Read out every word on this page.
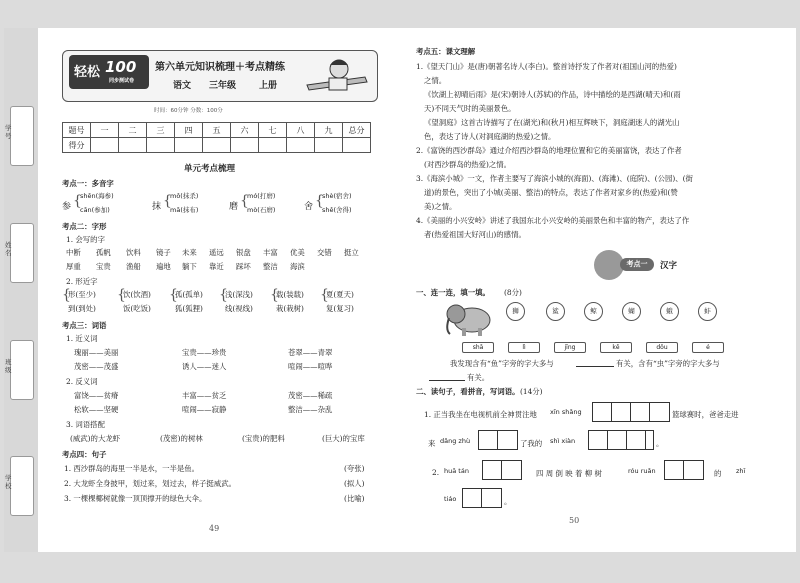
学号
姓名
班级
学校
轻松 100
同步测试卷
第六单元知识梳理＋考点精练
语文 三年级	上册
时间：60分钟 分数：100分
题号	一	二	三	四	五	六	七	八	九	总分
得分										
单元考点梳理
考点一：多音字
参 {
shēn(海参)
cān(参加)	抹 {
mǒ(抹杀)
mā(抹布)	磨 {
mó(打磨)
mò(石磨)	舍 {
shè(宿舍)
shě(舍得)
考点二：字形
1. 会写的字
中断 孤帆 饮料 镜子 未来 遥远 银盘 丰富 优美 交错 挺立
厚重 宝贵 渔船 遍地 躺下 靠近 踩坏 整洁 海滨
2. 形近字
{
形(至少)
到(到处)
{
饮(饮酒)
饭(吃饭)
{
孤(孤单)
狐(狐狸)
{
浅(深浅)
线(视线)
{
载(装载)
栽(栽树)
{
夏(夏天)
复(复习)
考点三：词语
1. 近义词
瑰丽——美丽	宝贵——珍贵	苍翠——青翠
茂密——茂盛	诱人——迷人	喧闹——喧哗
2. 反义词
富饶——贫瘠	丰富——贫乏	茂密——稀疏
松软——坚硬	喧闹——寂静	整洁——杂乱
3. 词语搭配
(威武)的大龙虾	(茂密)的树林	(宝贵)的肥料	(巨大)的宝库
考点四：句子
1. 西沙群岛的海里一半是水，一半是鱼。	(夸张)
2. 大龙虾全身披甲，划过来，划过去，样子挺威武。	(拟人)
3. 一棵棵椰树就像一顶顶撑开的绿色大伞。	(比喻)
49
考点五：课文理解
1.《望天门山》是(唐)朝著名诗人(李白)。整首诗抒发了作者对(祖国山河的热爱)
之情。
《饮湖上初晴后雨》是(宋)朝诗人(苏轼)的作品，诗中描绘的是西湖(晴天)和(雨
天)不同天气时的美丽景色。
《望洞庭》这首古诗描写了在(湖光)和(秋月)相互辉映下，洞庭湖迷人的湖光山
色，表达了诗人(对洞庭湖的热爱)之情。
2.《富饶的西沙群岛》通过介绍西沙群岛的地理位置和它的美丽富饶，表达了作者
(对西沙群岛的热爱)之情。
3.《海滨小城》一文，作者主要写了海滨小城的(海面)、(海滩)、(庭院)、(公园)、(街
道)的景色，突出了小城(美丽、整洁)的特点，表达了作者对家乡的(热爱)和(赞
美)之情。
4.《美丽的小兴安岭》讲述了我国东北小兴安岭的美丽景色和丰富的物产，表达了作
者(热爱祖国大好河山)的感情。
考点一	汉字
一、连一连，填一填。 (8分)
狮	鲨	鲸	蝴	蛾	蚌
shā	lì	jīng	kē	dǒu	é
我发现含有“鱼”字旁的字大多与	有关，含有“虫”字旁的字大多与
有关。
二、读句子，看拼音，写词语。 (14分)
1. 正当我坐在电视机前全神贯注地 xīn shǎng	篮球赛时，爸爸走进
来 dǎng zhù	了我的 shì xiàn	。
2. huā tán	四 周 倒 映 着 柳 树	róu ruǎn	的 zhī
tiáo	。
50
